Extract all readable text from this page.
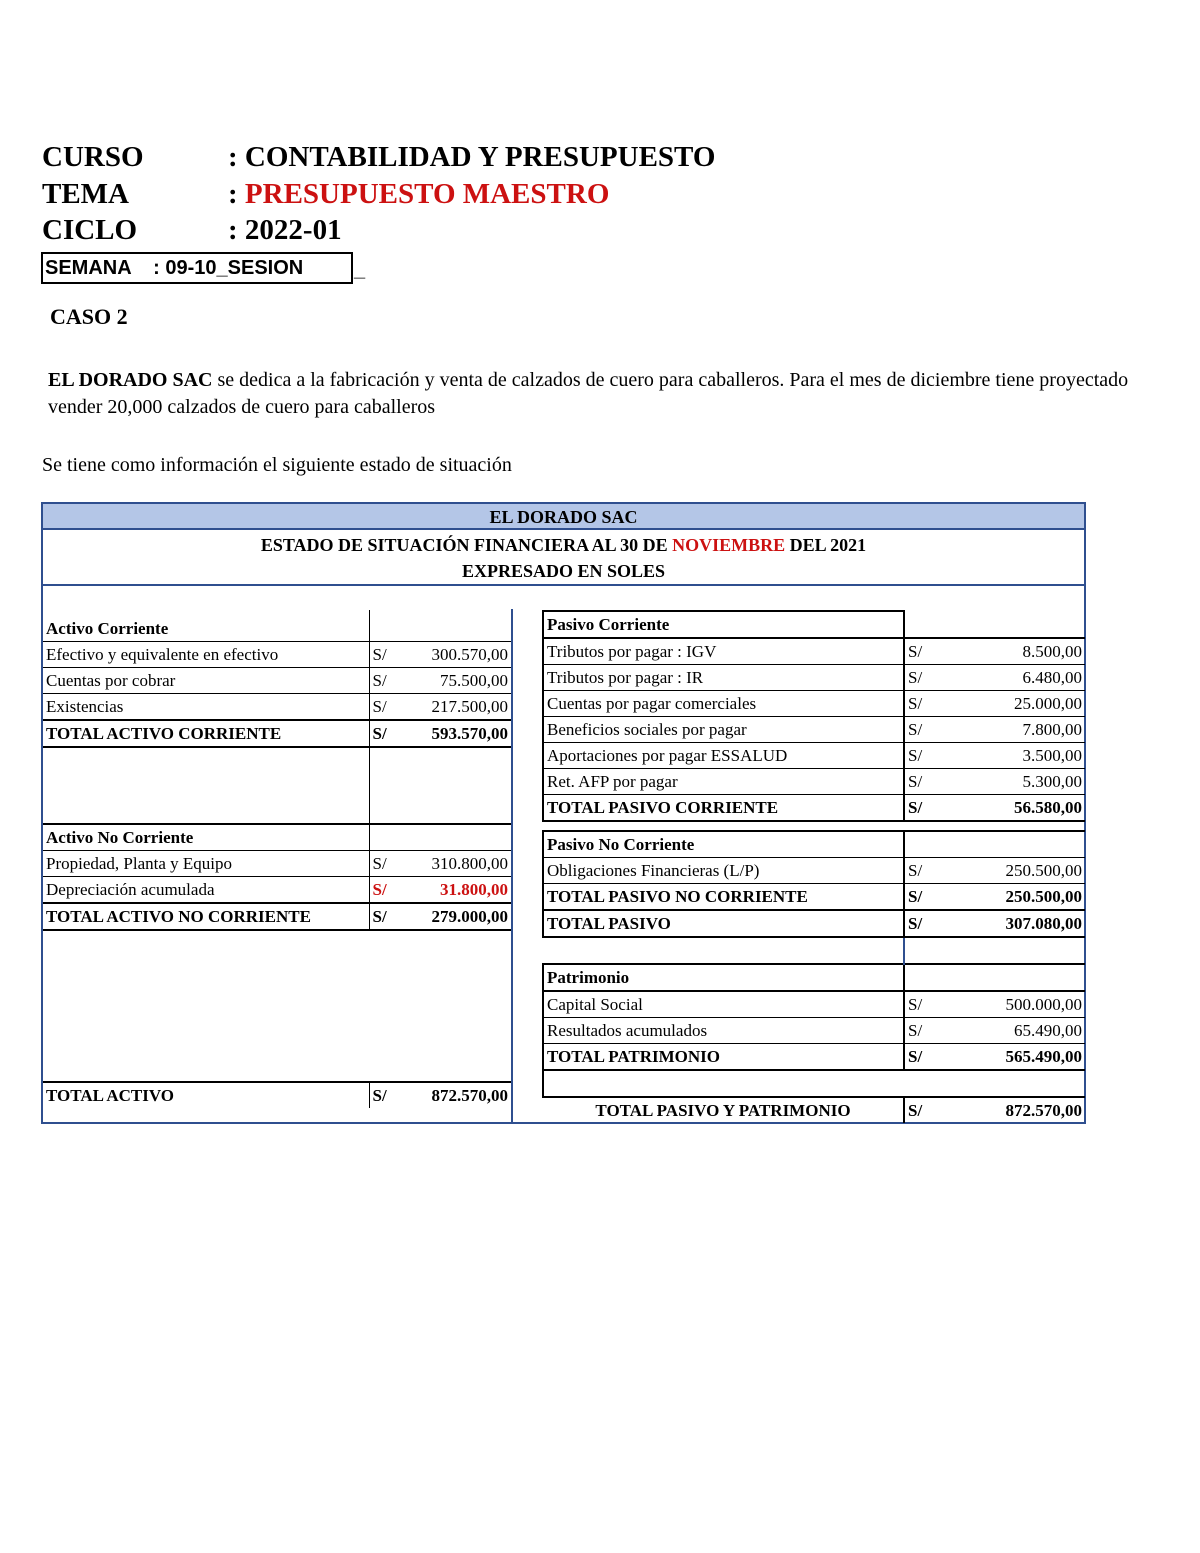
CURSO	: CONTABILIDAD Y PRESUPUESTO
TEMA	: PRESUPUESTO MAESTRO
CICLO	: 2022-01
SEMANA    : 09-10_SESION	_
CASO 2
EL DORADO SAC se dedica a la fabricación y venta de calzados de cuero para caballeros. Para el mes de diciembre tiene proyectado vender 20,000 calzados de cuero para caballeros
Se tiene como información el siguiente estado de situación
EL DORADO SAC
ESTADO DE SITUACIÓN FINANCIERA AL 30 DE NOVIEMBRE DEL 2021
EXPRESADO EN SOLES
Activo Corriente		
Efectivo y equivalente en efectivo	S/	300.570,00
Cuentas por cobrar	S/	75.500,00
Existencias	S/	217.500,00
TOTAL ACTIVO CORRIENTE	S/	593.570,00

Activo No Corriente		
Propiedad, Planta y Equipo	S/	310.800,00
Depreciación acumulada	S/	31.800,00
TOTAL ACTIVO NO CORRIENTE	S/	279.000,00

TOTAL ACTIVO	S/	872.570,00
Pasivo Corriente		
Tributos por pagar : IGV	S/	8.500,00
Tributos por pagar : IR	S/	6.480,00
Cuentas por pagar comerciales	S/	25.000,00
Beneficios sociales por pagar	S/	7.800,00
Aportaciones por pagar ESSALUD	S/	3.500,00
Ret. AFP por pagar	S/	5.300,00
TOTAL PASIVO CORRIENTE	S/	56.580,00

Pasivo No Corriente		
Obligaciones Financieras (L/P)	S/	250.500,00
TOTAL PASIVO NO CORRIENTE	S/	250.500,00
TOTAL PASIVO	S/	307.080,00

Patrimonio		
Capital Social	S/	500.000,00
Resultados acumulados	S/	65.490,00
TOTAL PATRIMONIO	S/	565.490,00

TOTAL PASIVO Y PATRIMONIO	S/	872.570,00
